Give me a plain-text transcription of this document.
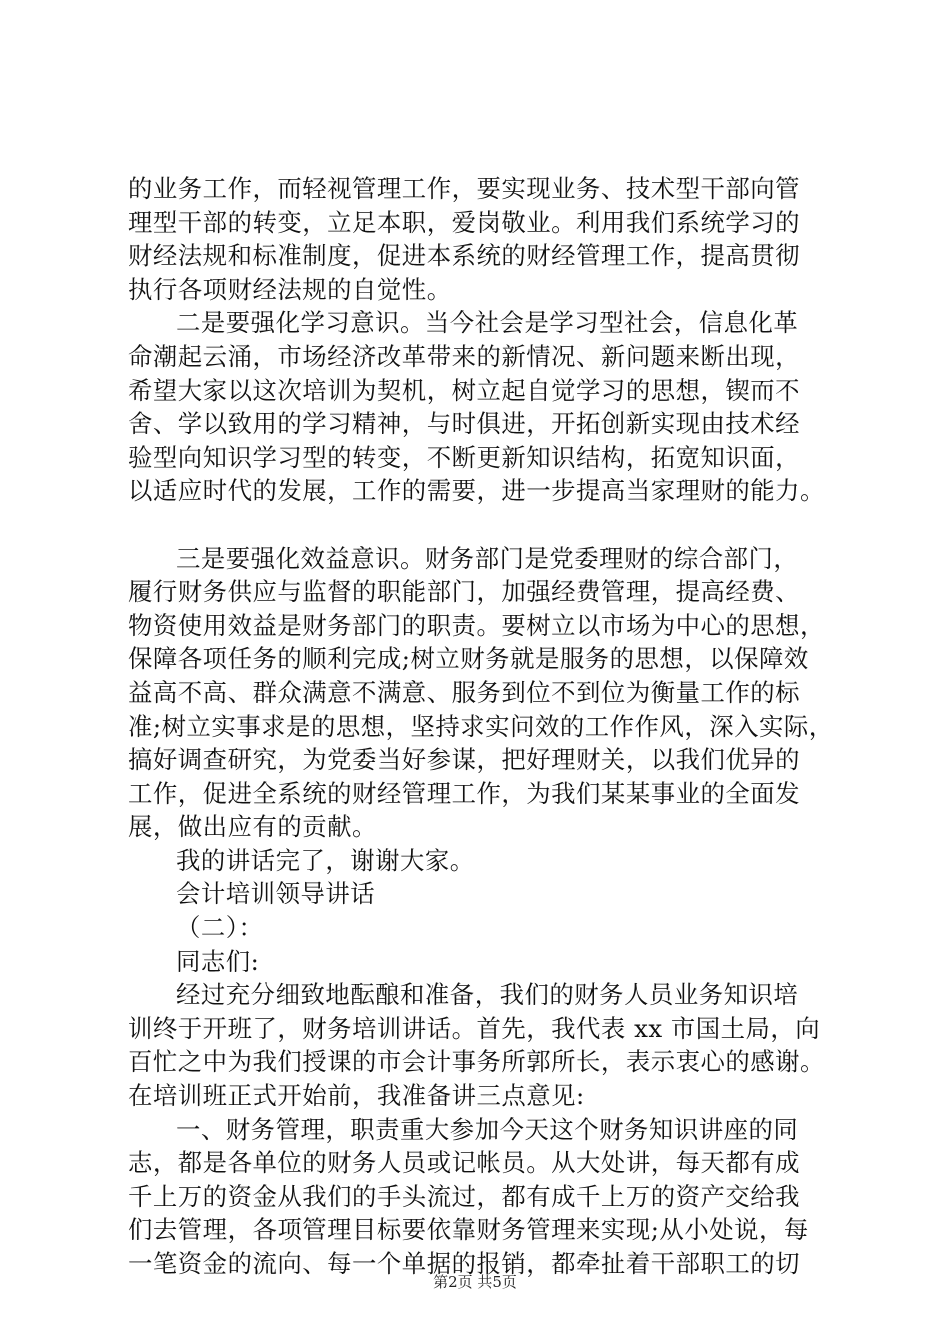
的业务工作，而轻视管理工作，要实现业务、技术型干部向管
理型干部的转变，立足本职，爱岗敬业。利用我们系统学习的
财经法规和标准制度，促进本系统的财经管理工作，提高贯彻
执行各项财经法规的自觉性。
二是要强化学习意识。当今社会是学习型社会，信息化革
命潮起云涌，市场经济改革带来的新情况、新问题来断出现，
希望大家以这次培训为契机，树立起自觉学习的思想，锲而不
舍、学以致用的学习精神，与时俱进，开拓创新实现由技术经
验型向知识学习型的转变，不断更新知识结构，拓宽知识面，
以适应时代的发展，工作的需要，进一步提高当家理财的能力。
三是要强化效益意识。财务部门是党委理财的综合部门，
履行财务供应与监督的职能部门，加强经费管理，提高经费、
物资使用效益是财务部门的职责。要树立以市场为中心的思想，
保障各项任务的顺利完成;树立财务就是服务的思想，以保障效
益高不高、群众满意不满意、服务到位不到位为衡量工作的标
准;树立实事求是的思想，坚持求实问效的工作作风，深入实际，
搞好调查研究，为党委当好参谋，把好理财关，以我们优异的
工作，促进全系统的财经管理工作，为我们某某事业的全面发
展，做出应有的贡献。
我的讲话完了，谢谢大家。
会计培训领导讲话
（二）：
同志们:
经过充分细致地酝酿和准备，我们的财务人员业务知识培
训终于开班了，财务培训讲话。首先，我代表 xx 市国土局，向
百忙之中为我们授课的市会计事务所郭所长，表示衷心的感谢。
在培训班正式开始前，我准备讲三点意见:
一、财务管理，职责重大参加今天这个财务知识讲座的同
志，都是各单位的财务人员或记帐员。从大处讲，每天都有成
千上万的资金从我们的手头流过，都有成千上万的资产交给我
们去管理，各项管理目标要依靠财务管理来实现;从小处说，每
一笔资金的流向、每一个单据的报销，都牵扯着干部职工的切
第2页 共5页
